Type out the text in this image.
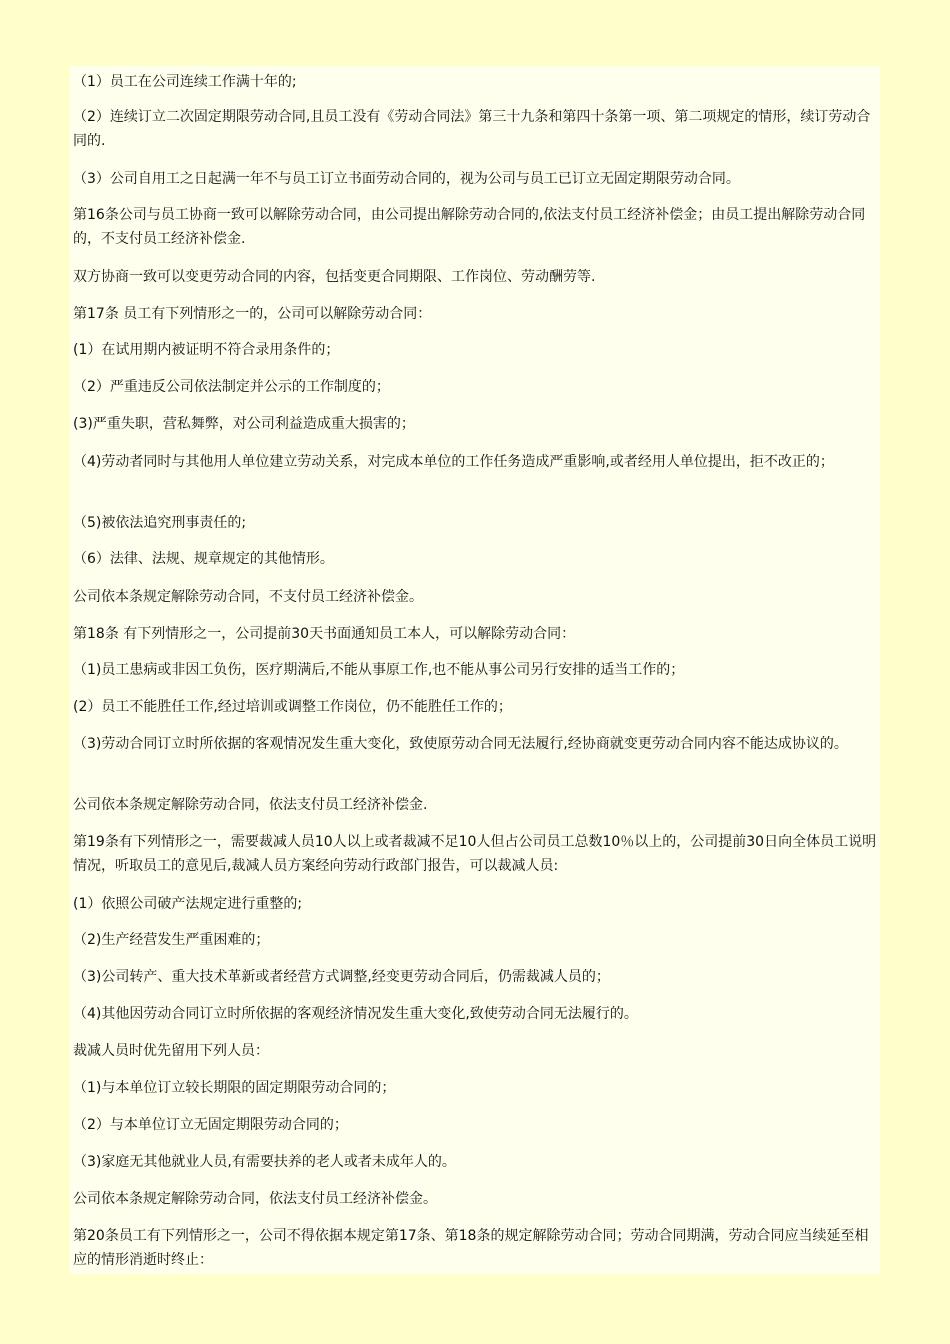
（1）员工在公司连续工作满十年的;

（2）连续订立二次固定期限劳动合同,且员工没有《劳动合同法》第三十九条和第四十条第一项、第二项规定的情形，续订劳动合同的.

（3）公司自用工之日起满一年不与员工订立书面劳动合同的，视为公司与员工已订立无固定期限劳动合同。

第16条公司与员工协商一致可以解除劳动合同，由公司提出解除劳动合同的,依法支付员工经济补偿金；由员工提出解除劳动合同的，不支付员工经济补偿金.

双方协商一致可以变更劳动合同的内容，包括变更合同期限、工作岗位、劳动酬劳等.

第17条 员工有下列情形之一的，公司可以解除劳动合同：

(1）在试用期内被证明不符合录用条件的；

（2）严重违反公司依法制定并公示的工作制度的；

(3)严重失职，营私舞弊，对公司利益造成重大损害的；

（4)劳动者同时与其他用人单位建立劳动关系，对完成本单位的工作任务造成严重影响,或者经用人单位提出，拒不改正的；

（5)被依法追究刑事责任的;

（6）法律、法规、规章规定的其他情形。

公司依本条规定解除劳动合同，不支付员工经济补偿金。

第18条 有下列情形之一，公司提前30天书面通知员工本人，可以解除劳动合同：

（1)员工患病或非因工负伤，医疗期满后,不能从事原工作,也不能从事公司另行安排的适当工作的；

(2）员工不能胜任工作,经过培训或调整工作岗位，仍不能胜任工作的；

（3)劳动合同订立时所依据的客观情况发生重大变化，致使原劳动合同无法履行,经协商就变更劳动合同内容不能达成协议的。

公司依本条规定解除劳动合同，依法支付员工经济补偿金.

第19条有下列情形之一，需要裁减人员10人以上或者裁减不足10人但占公司员工总数10％以上的，公司提前30日向全体员工说明情况，听取员工的意见后,裁减人员方案经向劳动行政部门报告，可以裁减人员:

(1）依照公司破产法规定进行重整的;

（2)生产经营发生严重困难的；

（3)公司转产、重大技术革新或者经营方式调整,经变更劳动合同后，仍需裁减人员的；

（4)其他因劳动合同订立时所依据的客观经济情况发生重大变化,致使劳动合同无法履行的。

裁减人员时优先留用下列人员：

（1)与本单位订立较长期限的固定期限劳动合同的；

（2）与本单位订立无固定期限劳动合同的；

（3)家庭无其他就业人员,有需要扶养的老人或者未成年人的。

公司依本条规定解除劳动合同，依法支付员工经济补偿金。

第20条员工有下列情形之一，公司不得依据本规定第17条、第18条的规定解除劳动合同；劳动合同期满，劳动合同应当续延至相应的情形消逝时终止：
